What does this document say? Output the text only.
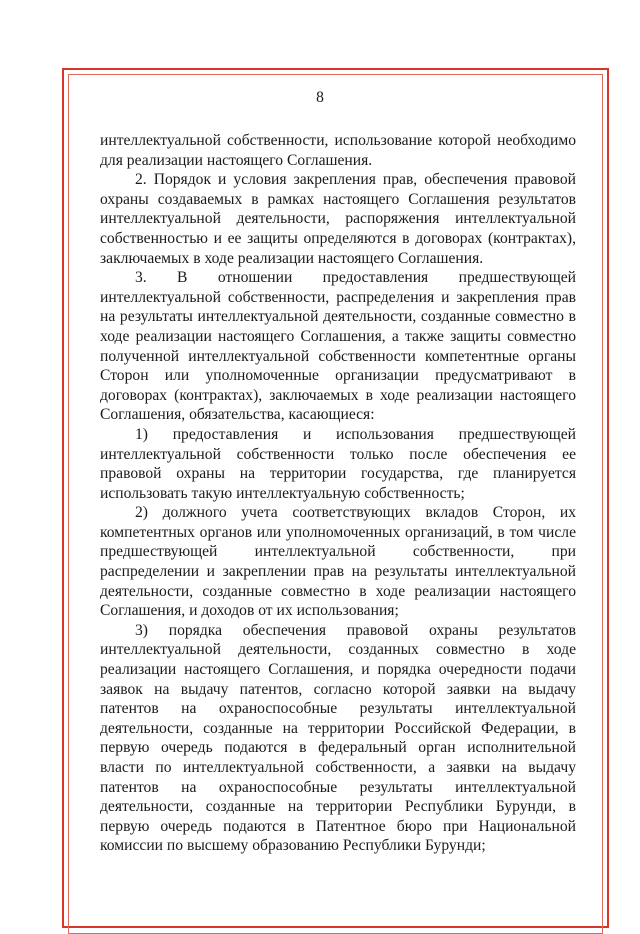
8

интеллектуальной собственности, использование которой необходимо для реализации настоящего Соглашения.

2. Порядок и условия закрепления прав, обеспечения правовой охраны создаваемых в рамках настоящего Соглашения результатов интеллектуальной деятельности, распоряжения интеллектуальной собственностью и ее защиты определяются в договорах (контрактах), заключаемых в ходе реализации настоящего Соглашения.

3. В отношении предоставления предшествующей интеллектуальной собственности, распределения и закрепления прав на результаты интеллектуальной деятельности, созданные совместно в ходе реализации настоящего Соглашения, а также защиты совместно полученной интеллектуальной собственности компетентные органы Сторон или уполномоченные организации предусматривают в договорах (контрактах), заключаемых в ходе реализации настоящего Соглашения, обязательства, касающиеся:

1) предоставления и использования предшествующей интеллектуальной собственности только после обеспечения ее правовой охраны на территории государства, где планируется использовать такую интеллектуальную собственность;

2) должного учета соответствующих вкладов Сторон, их компетентных органов или уполномоченных организаций, в том числе предшествующей интеллектуальной собственности, при распределении и закреплении прав на результаты интеллектуальной деятельности, созданные совместно в ходе реализации настоящего Соглашения, и доходов от их использования;

3) порядка обеспечения правовой охраны результатов интеллектуальной деятельности, созданных совместно в ходе реализации настоящего Соглашения, и порядка очередности подачи заявок на выдачу патентов, согласно которой заявки на выдачу патентов на охраноспособные результаты интеллектуальной деятельности, созданные на территории Российской Федерации, в первую очередь подаются в федеральный орган исполнительной власти по интеллектуальной собственности, а заявки на выдачу патентов на охраноспособные результаты интеллектуальной деятельности, созданные на территории Республики Бурунди, в первую очередь подаются в Патентное бюро при Национальной комиссии по высшему образованию Республики Бурунди;
